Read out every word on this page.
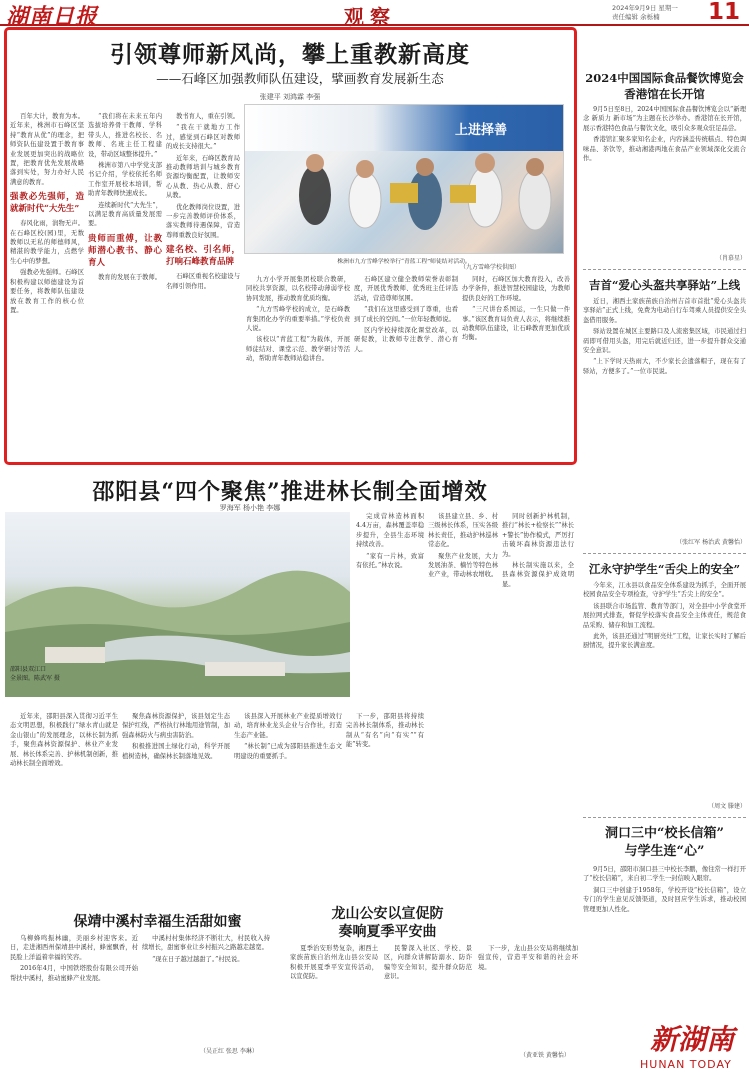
湖南日报	观察	2024年9月9日 星期一
责任编辑 余栎楠	11
引领尊师新风尚，攀上重教新高度
——石峰区加强教师队伍建设，擘画教育发展新生态
张建平 刘鸿霖 李强
上进择善
株洲市九方雪峰学校举行“青蓝工程”师徒结对活动。
（九方雪峰学校供图）

百年大计，教育为本。近年来，株洲市石峰区坚持“教育从优”的理念，把师资队伍建设置于教育事业发展更加突出的战略位置，把教育优先发展战略落到实处，努力办好人民满意的教育。

强教必先强师，造就新时代“大先生”

春风化雨，润物无声。在石峰区校(园)里，无数教师以无私的师德师风，精湛的教学能力，点燃学生心中的梦想。

强教必先强师。石峰区积极构建以师德建设为首要任务，将教师队伍建设放在教育工作的核心位置。

“我们将在未来五年内选拔培养骨干教师、学科带头人，推进名校长、名教师、名班主任工程建设，带动区域整体提升。”

株洲市第八中学党支部书记介绍，学校依托名师工作室开展校本培训，帮助青年教师快速成长。

连续新时代“大先生”，以满足教育高质量发展需要。

贵师而重傅，让教师潜心教书、静心育人

教育的发展在于教师。

教书育人，重在引领。

“我在干就地方工作过，感觉到石峰区对教师的成长支持很大。”

近年来，石峰区教育局推动教师培训与城乡教育资源均衡配置，让教师安心从教、热心从教、舒心从教。

优化教师岗位设置，进一步完善教师评价体系，落实教师待遇保障，营造尊师重教良好氛围。

建名校、引名师，打响石峰教育品牌

石峰区重视名校建设与名师引领作用。

九方小学开展集团校联合教研，同校共享资源，以名校带动薄弱学校协同发展，推动教育优质均衡。

“九方雪峰学校的成立，是石峰教育集团化办学的重要举措。”学校负责人说。

该校以“青蓝工程”为载体，开展师徒结对、课堂示范、教学研讨等活动，帮助青年教师站稳讲台。

石峰区建立健全教师荣誉表彰制度，开展优秀教师、优秀班主任评选活动，营造尊师氛围。

“我们在这里感受到了尊重，也看到了成长的空间。”一位年轻教师说。

区内学校持续深化课堂改革，以研促教，让教师专注教学、潜心育人。

同时，石峰区加大教育投入，改善办学条件，推进智慧校园建设，为教师提供良好的工作环境。

“三尺讲台系国运，一生只做一件事。”该区教育局负责人表示，将继续推动教师队伍建设，让石峰教育更加优质均衡。

2024中国国际食品餐饮博览会
香港馆在长开馆

9月5日至8日，2024中国国际食品餐饮博览会以“新理念 新质力 新市场”为主题在长沙举办。香港馆在长开馆，展示香港特色食品与餐饮文化，吸引众多观众驻足品尝。

香港馆汇聚多家知名企业，内容涵盖传统糕点、特色调味品、茶饮等，推动湘港两地在食品产业领域深化交流合作。

（肖慕星）
吉首“爱心头盔共享驿站”上线

近日，湘西土家族苗族自治州吉首市首批“爱心头盔共享驿站”正式上线，免费为电动自行车驾乘人员提供安全头盔借用服务。

驿站设置在城区主要路口及人流密集区域，市民通过扫码即可借用头盔，用完后就近归还，进一步提升群众交通安全意识。

“上下学时天热雨大，不少家长会遗落帽子，现在有了驿站，方便多了。”一位市民说。

（张红军 杨治武 黄馨怡）
江永守护学生“舌尖上的安全”

今年来，江永县以食品安全体系建设为抓手，全面开展校园食品安全专项检查，守护学生“舌尖上的安全”。

该县联合市场监管、教育等部门，对全县中小学食堂开展拉网式排查，督促学校落实食品安全主体责任，规范食品采购、储存和加工流程。

此外，该县还通过“明厨亮灶”工程，让家长实时了解后厨情况，提升家长满意度。

（周文 滕建）
洞口三中“校长信箱”
与学生连“心”

9月5日，邵阳市洞口县三中校长李鹏，像往常一样打开了“校长信箱”，来自初二学生一封信映入眼帘。

洞口三中创建于1958年，学校开设“校长信箱”，设立专门的学生意见反馈渠道，及时回应学生诉求，推动校园管理更加人性化。

邵阳县“四个聚焦”推进林长制全面增效
罗海军 杨小艳 李娜
邵阳县双江口
全景图。陈武军 摄

完成营林造林面积4.4万亩，森林覆盖率稳步提升，全县生态环境持续改善。

“家有一片林，致富有依托。”林农说。

该县建立县、乡、村三级林长体系，压实各级林长责任，推动护林巡林常态化。

聚焦产业发展，大力发展油茶、楠竹等特色林业产业，带动林农增收。

同时创新护林机制，推行“林长+检察长”“林长+警长”协作模式，严厉打击破坏森林资源违法行为。

林长制实施以来，全县森林资源保护成效明显。

近年来，邵阳县深入贯彻习近平生态文明思想，积极践行“绿水青山就是金山银山”的发展理念，以林长制为抓手，聚焦森林资源保护、林业产业发展、林长体系完善、护林机制创新，推动林长制全面增效。

聚焦森林资源保护，该县划定生态保护红线，严格执行林地用途管制，加强森林防火与病虫害防治。

积极推进国土绿化行动，科学开展植树造林，确保林长制落地见效。

该县深入开展林业产业提质增效行动，培育林业龙头企业与合作社，打造生态产业链。

“林长制”已成为邵阳县推进生态文明建设的重要抓手。

下一步，邵阳县将持续完善林长制体系，推动林长制从“有名”向“有实”“有能”转变。

保靖中溪村幸福生活甜如蜜

乌柳蜂鸣振林幽，美丽乡村迎客来。近日，走进湘西州保靖县中溪村，蜂蜜飘香，村民脸上洋溢着幸福的笑容。

2016年4月，中国铁塔股份有限公司开始帮扶中溪村，推动蜜蜂产业发展。

中溪村村集体经济不断壮大，村民收入持续增长，甜蜜事业让乡村振兴之路越走越宽。

“现在日子越过越甜了。”村民说。

（吴正红 张思 李琳）
龙山公安以宣促防
奏响夏季平安曲

夏季治安形势复杂，湘西土家族苗族自治州龙山县公安局积极开展夏季平安宣传活动，以宣促防。

民警深入社区、学校、景区，向群众讲解防溺水、防诈骗等安全知识，提升群众防范意识。

下一步，龙山县公安局将继续加强宣传，营造平安和谐的社会环境。

（黄亚铁 黄馨怡）	新湖南
HUNAN TODAY
